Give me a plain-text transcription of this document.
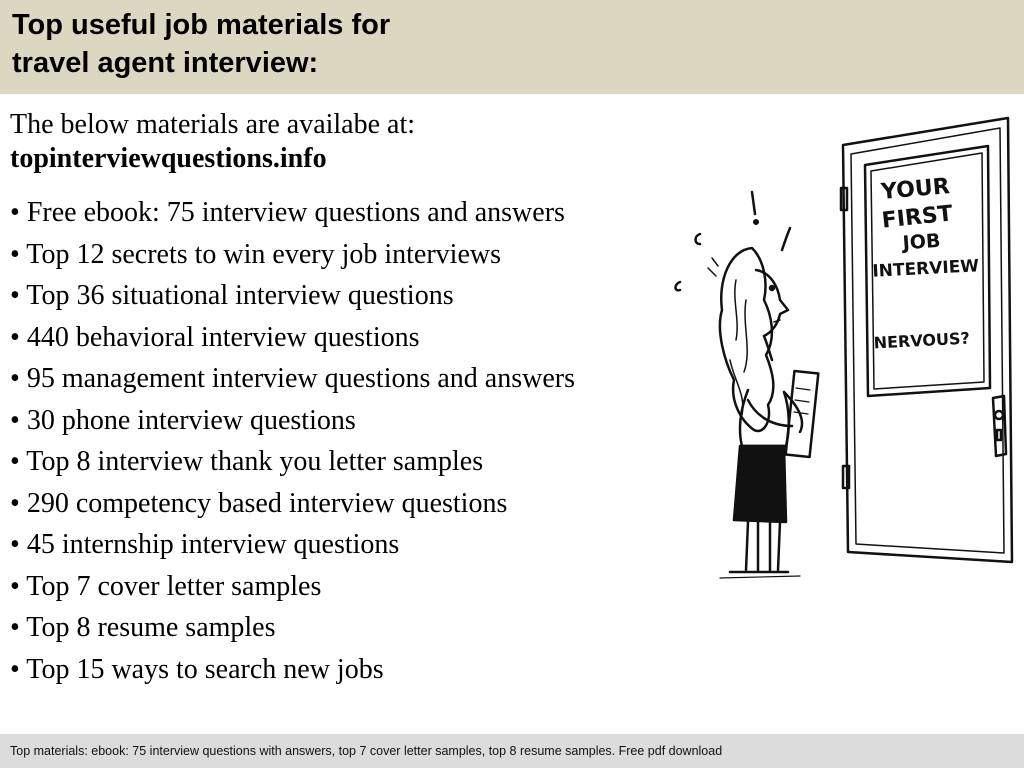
Top useful job materials for
travel agent interview:
The below materials are availabe at:
topinterviewquestions.info
• Free ebook: 75 interview questions and answers
• Top 12 secrets to win every job interviews
• Top 36 situational interview questions
• 440 behavioral interview questions
• 95 management interview questions and answers
• 30 phone interview questions
• Top 8 interview thank you letter samples
• 290 competency based interview questions
• 45 internship interview questions
• Top 7 cover letter samples
• Top 8 resume samples
• Top 15 ways to search new jobs
YOUR
FIRST
JOB
INTERVIEW
NERVOUS?
Top materials: ebook: 75 interview questions with answers, top 7 cover letter samples, top 8 resume samples. Free pdf download
